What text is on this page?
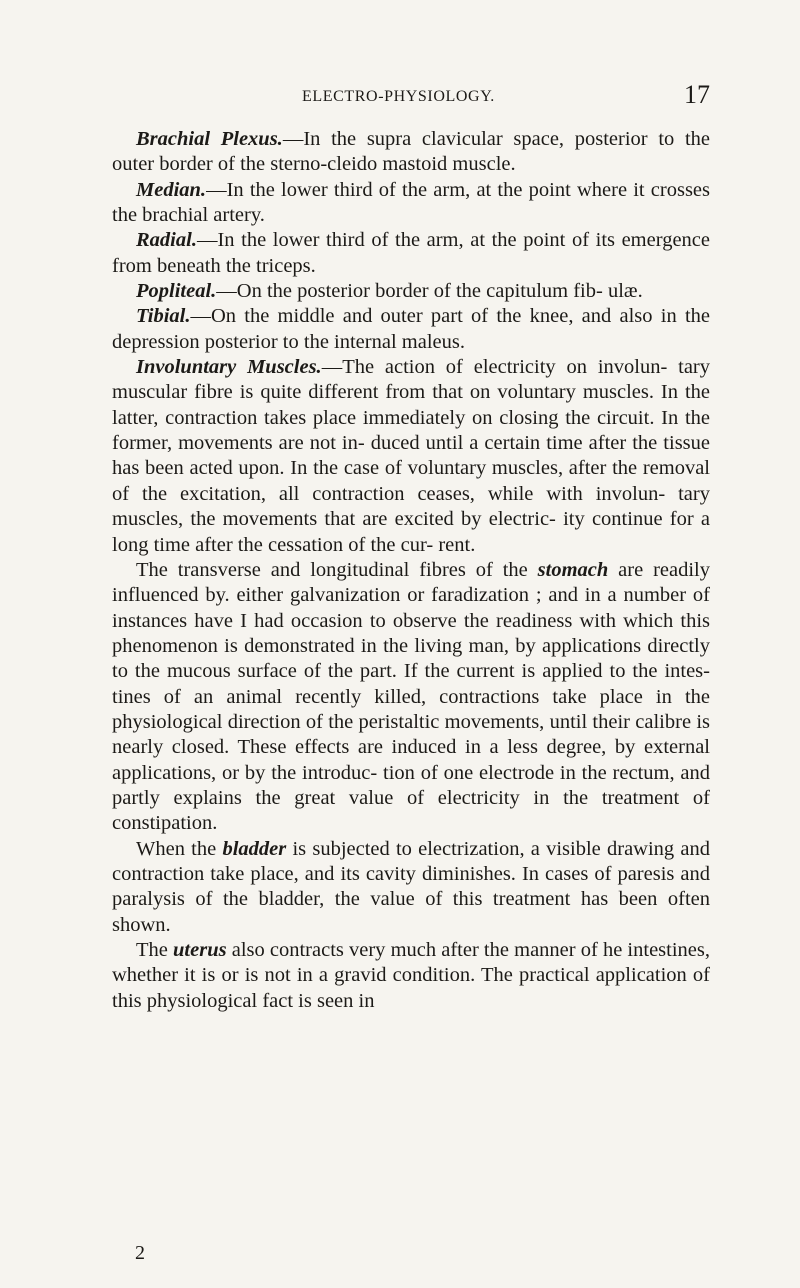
ELECTRO-PHYSIOLOGY.	17

Brachial Plexus.—In the supra clavicular space, posterior to the outer border of the sterno-cleido mastoid muscle.

Median.—In the lower third of the arm, at the point where it crosses the brachial artery.

Radial.—In the lower third of the arm, at the point of its emergence from beneath the triceps.

Popliteal.—On the posterior border of the capitulum fib- ulæ.

Tibial.—On the middle and outer part of the knee, and also in the depression posterior to the internal maleus.

Involuntary Muscles.—The action of electricity on involun- tary muscular fibre is quite different from that on voluntary muscles. In the latter, contraction takes place immediately on closing the circuit. In the former, movements are not in- duced until a certain time after the tissue has been acted upon. In the case of voluntary muscles, after the removal of the excitation, all contraction ceases, while with involun- tary muscles, the movements that are excited by electric- ity continue for a long time after the cessation of the cur- rent.

The transverse and longitudinal fibres of the stomach are readily influenced by. either galvanization or faradization ; and in a number of instances have I had occasion to observe the readiness with which this phenomenon is demonstrated in the living man, by applications directly to the mucous surface of the part. If the current is applied to the intes- tines of an animal recently killed, contractions take place in the physiological direction of the peristaltic movements, until their calibre is nearly closed. These effects are induced in a less degree, by external applications, or by the introduc- tion of one electrode in the rectum, and partly explains the great value of electricity in the treatment of constipation.

When the bladder is subjected to electrization, a visible drawing and contraction take place, and its cavity diminishes. In cases of paresis and paralysis of the bladder, the value of this treatment has been often shown.

The uterus also contracts very much after the manner of he intestines, whether it is or is not in a gravid condition. The practical application of this physiological fact is seen in

2
